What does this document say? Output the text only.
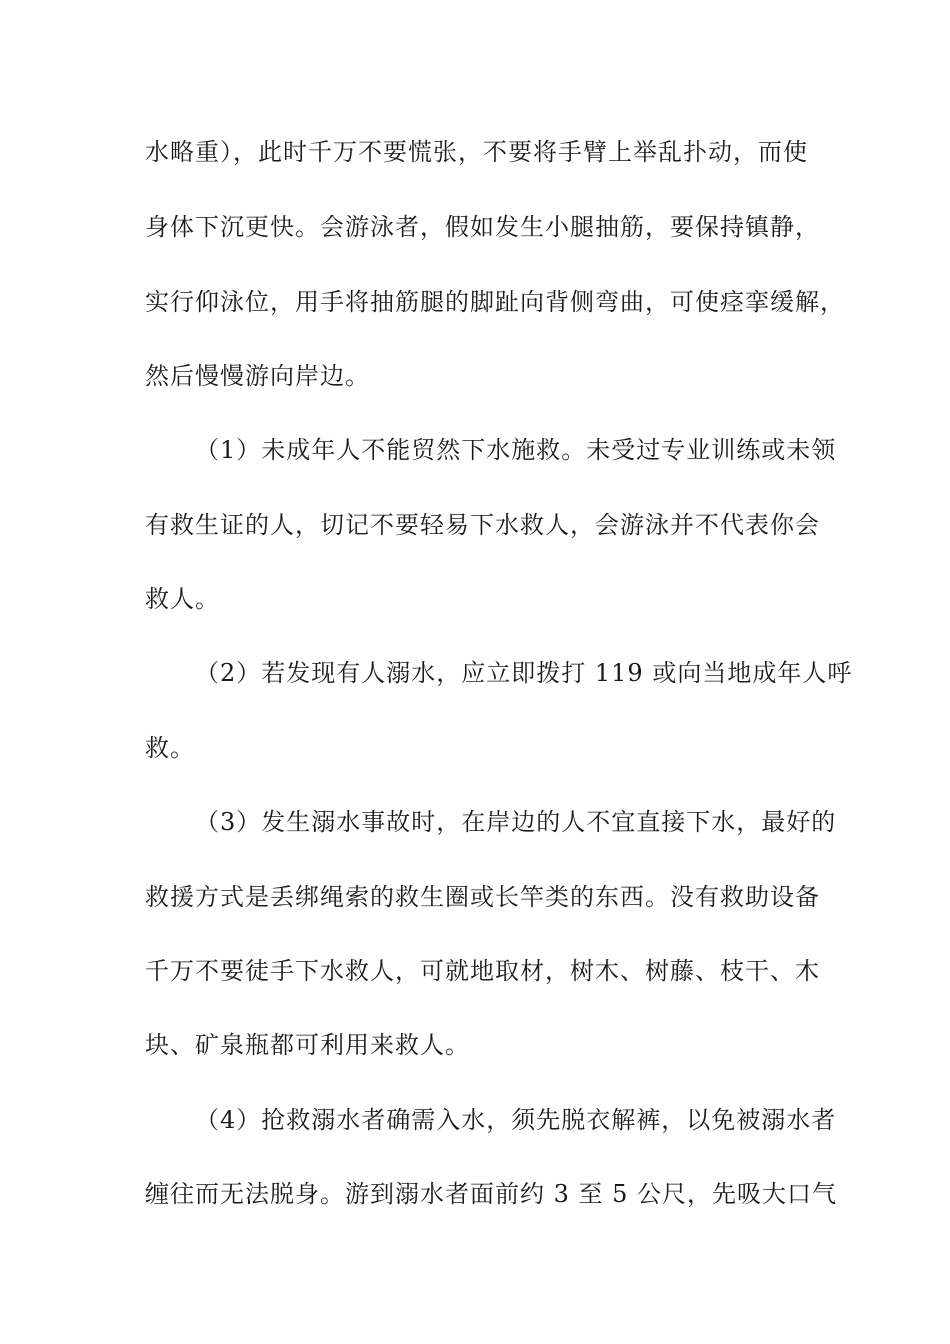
水略重），此时千万不要慌张，不要将手臂上举乱扑动，而使
身体下沉更快。会游泳者，假如发生小腿抽筋，要保持镇静，
实行仰泳位，用手将抽筋腿的脚趾向背侧弯曲，可使痉挛缓解，
然后慢慢游向岸边。
（1）未成年人不能贸然下水施救。未受过专业训练或未领
有救生证的人，切记不要轻易下水救人，会游泳并不代表你会
救人。
（2）若发现有人溺水，应立即拨打 119 或向当地成年人呼
救。
（3）发生溺水事故时，在岸边的人不宜直接下水，最好的
救援方式是丢绑绳索的救生圈或长竿类的东西。没有救助设备
千万不要徒手下水救人，可就地取材，树木、树藤、枝干、木
块、矿泉瓶都可利用来救人。
（4）抢救溺水者确需入水，须先脱衣解裤，以免被溺水者
缠往而无法脱身。游到溺水者面前约 3 至 5 公尺，先吸大口气
